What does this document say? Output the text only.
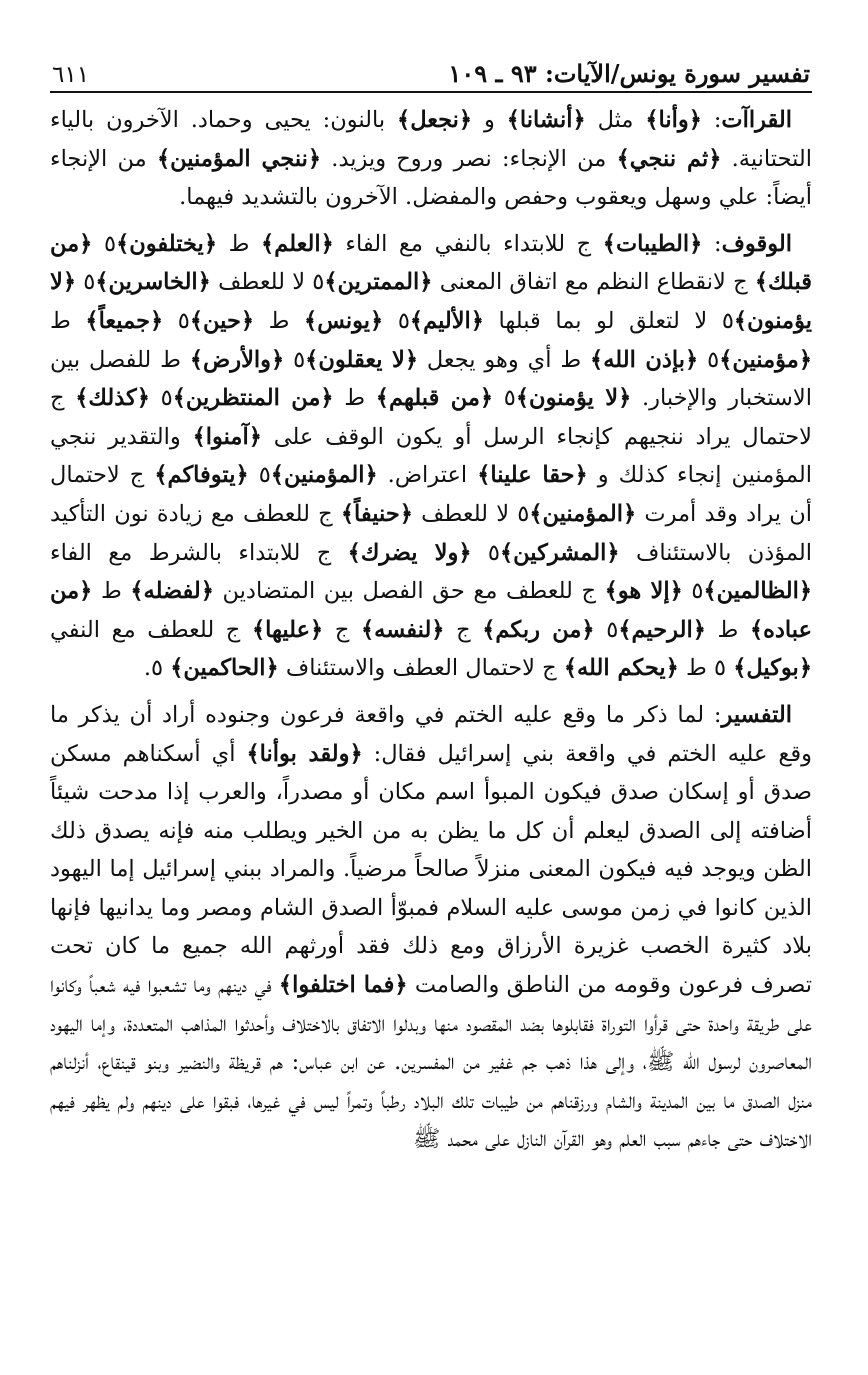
تفسير سورة يونس/الآيات: ٩٣ ـ ١٠٩
٦١١

القراآت: ﴿وأنا﴾ مثل ﴿أنشانا﴾ و ﴿نجعل﴾ بالنون: يحيى وحماد. الآخرون بالياء التحتانية. ﴿ثم ننجي﴾ من الإنجاء: نصر وروح ويزيد. ﴿ننجي المؤمنين﴾ من الإنجاء أيضاً: علي وسهل ويعقوب وحفص والمفضل. الآخرون بالتشديد فيهما.

الوقوف: ﴿الطيبات﴾ ج للابتداء بالنفي مع الفاء ﴿العلم﴾ ط ﴿يختلفون﴾٥ ﴿من قبلك﴾ ج لانقطاع النظم مع اتفاق المعنى ﴿الممترين﴾٥ لا للعطف ﴿الخاسرين﴾٥ ﴿لا يؤمنون﴾٥ لا لتعلق لو بما قبلها ﴿الأليم﴾٥ ﴿يونس﴾ ط ﴿حين﴾٥ ﴿جميعاً﴾ ط ﴿مؤمنين﴾٥ ﴿بإذن الله﴾ ط أي وهو يجعل ﴿لا يعقلون﴾٥ ﴿والأرض﴾ ط للفصل بين الاستخبار والإخبار. ﴿لا يؤمنون﴾٥ ﴿من قبلهم﴾ ط ﴿من المنتظرين﴾٥ ﴿كذلك﴾ ج لاحتمال يراد ننجيهم كإنجاء الرسل أو يكون الوقف على ﴿آمنوا﴾ والتقدير ننجي المؤمنين إنجاء كذلك و ﴿حقا علينا﴾ اعتراض. ﴿المؤمنين﴾٥ ﴿يتوفاكم﴾ ج لاحتمال أن يراد وقد أمرت ﴿المؤمنين﴾٥ لا للعطف ﴿حنيفاً﴾ ج للعطف مع زيادة نون التأكيد المؤذن بالاستئناف ﴿المشركين﴾٥ ﴿ولا يضرك﴾ ج للابتداء بالشرط مع الفاء ﴿الظالمين﴾٥ ﴿إلا هو﴾ ج للعطف مع حق الفصل بين المتضادين ﴿لفضله﴾ ط ﴿من عباده﴾ ط ﴿الرحيم﴾٥ ﴿من ربكم﴾ ج ﴿لنفسه﴾ ج ﴿عليها﴾ ج للعطف مع النفي ﴿بوكيل﴾ ٥ ط ﴿يحكم الله﴾ ج لاحتمال العطف والاستئناف ﴿الحاكمين﴾ ٥.

التفسير: لما ذكر ما وقع عليه الختم في واقعة فرعون وجنوده أراد أن يذكر ما وقع عليه الختم في واقعة بني إسرائيل فقال: ﴿ولقد بوأنا﴾ أي أسكناهم مسكن صدق أو إسكان صدق فيكون المبوأ اسم مكان أو مصدراً، والعرب إذا مدحت شيئاً أضافته إلى الصدق ليعلم أن كل ما يظن به من الخير ويطلب منه فإنه يصدق ذلك الظن ويوجد فيه فيكون المعنى منزلاً صالحاً مرضياً. والمراد ببني إسرائيل إما اليهود الذين كانوا في زمن موسى عليه السلام فمبوّأ الصدق الشام ومصر وما يدانيها فإنها بلاد كثيرة الخصب غزيرة الأرزاق ومع ذلك فقد أورثهم الله جميع ما كان تحت تصرف فرعون وقومه من الناطق والصامت ﴿فما اختلفوا﴾ في دينهم وما تشعبوا فيه شعباً وكانوا على طريقة واحدة حتى قرأوا التوراة فقابلوها بضد المقصود منها وبدلوا الاتفاق بالاختلاف وأحدثوا المذاهب المتعددة، وإما اليهود المعاصرون لرسول الله ﷺ، وإلى هذا ذهب جم غفير من المفسرين. عن ابن عباس: هم قريظة والنضير وبنو قينقاع، أنزلناهم منزل الصدق ما بين المدينة والشام ورزقناهم من طيبات تلك البلاد رطباً وتمراً ليس في غيرها، فبقوا على دينهم ولم يظهر فيهم الاختلاف حتى جاءهم سبب العلم وهو القرآن النازل على محمد ﷺ
